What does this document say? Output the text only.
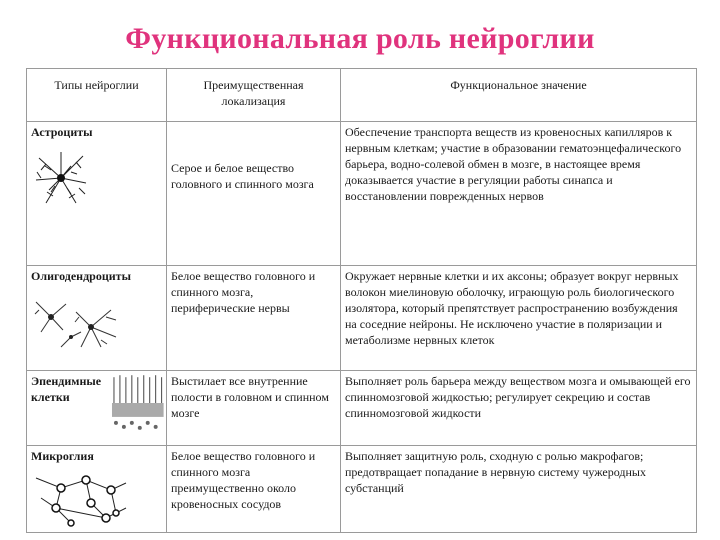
Функциональная роль нейроглии
Типы нейроглии	Преимущественная локализация	Функциональное значение

Астроциты	Серое и белое вещество головного и спинного мозга	Обеспечение транспорта веществ из кровеносных капилляров к нервным клеткам; участие в образовании гематоэнцефалического барьера, водно-солевой обмен в мозге, в настоящее время доказывается участие в регуляции работы синапса и восстановлении поврежденных нервов

Олигодендроциты	Белое вещество головного и спинного мозга, периферические нервы	Окружает нервные клетки и их аксоны; образует вокруг нервных волокон миелиновую оболочку, играющую роль биологического изолятора, который препятствует распространению возбуждения на соседние нейроны. Не исключено участие в поляризации и метаболизме нервных клеток

Эпендимные клетки	Выстилает все внутренние полости в головном и спинном мозге	Выполняет роль барьера между веществом мозга и омывающей его спинномозговой жидкостью; регулирует секрецию и состав спинномозговой жидкости

Микроглия	Белое вещество головного и спинного мозга преимущественно около кровеносных сосудов	Выполняет защитную роль, сходную с ролью макрофагов; предотвращает попадание в нервную систему чужеродных субстанций
